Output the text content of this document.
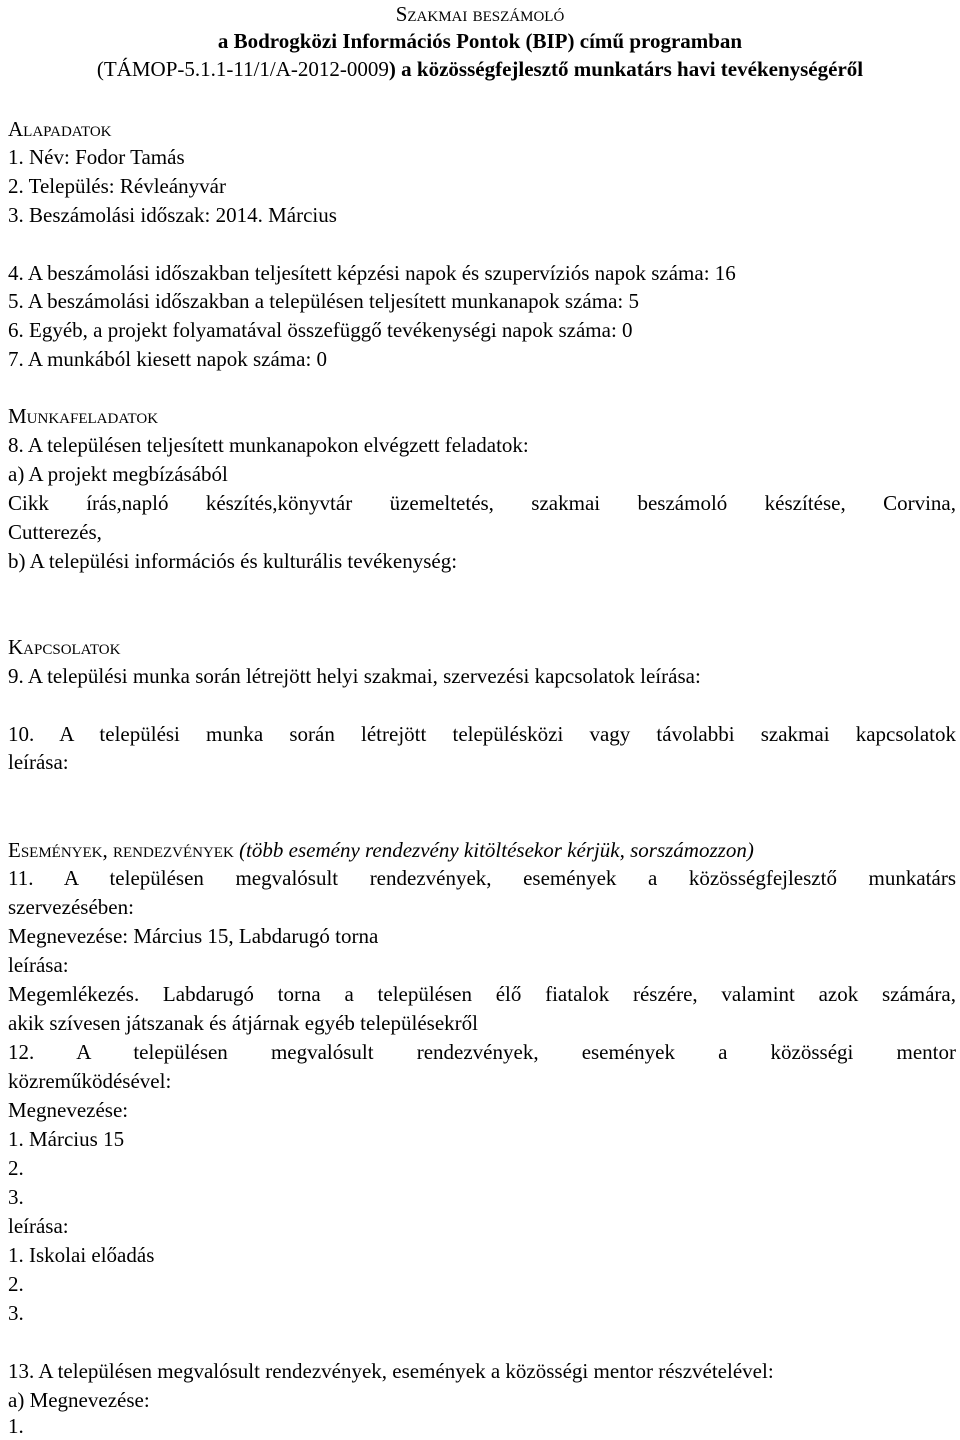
Szakmai beszámoló
a Bodrogközi Információs Pontok (BIP) című programban
(TÁMOP-5.1.1-11/1/A-2012-0009) a közösségfejlesztő munkatárs havi tevékenységéről
Alapadatok
1. Név: Fodor Tamás
2. Település: Révleányvár
3. Beszámolási időszak: 2014. Március
4. A beszámolási időszakban teljesített képzési napok és szupervíziós napok száma: 16
5. A beszámolási időszakban a településen teljesített munkanapok száma: 5
6. Egyéb, a projekt folyamatával összefüggő tevékenységi napok száma: 0
7. A munkából kiesett napok száma: 0
Munkafeladatok
8. A településen teljesített munkanapokon elvégzett feladatok:
a) A projekt megbízásából
Cikk írás,napló készítés,könyvtár üzemeltetés, szakmai beszámoló készítése, Corvina,
Cutterezés,
b) A települési információs és kulturális tevékenység:
Kapcsolatok
9. A települési munka során létrejött helyi szakmai, szervezési kapcsolatok leírása:
10. A települési munka során létrejött településközi vagy távolabbi szakmai kapcsolatok
leírása:
Események, rendezvények (több esemény rendezvény kitöltésekor kérjük, sorszámozzon)
11. A településen megvalósult rendezvények, események a közösségfejlesztő munkatárs
szervezésében:
Megnevezése: Március 15, Labdarugó torna
leírása:
Megemlékezés. Labdarugó torna a településen élő fiatalok részére, valamint azok számára,
akik szívesen játszanak és átjárnak egyéb településekről
12. A településen megvalósult rendezvények, események a közösségi mentor
közreműködésével:
Megnevezése:
1. Március 15
2.
3.
leírása:
1. Iskolai előadás
2.
3.
13. A településen megvalósult rendezvények, események a közösségi mentor részvételével:
a) Megnevezése:
1.
